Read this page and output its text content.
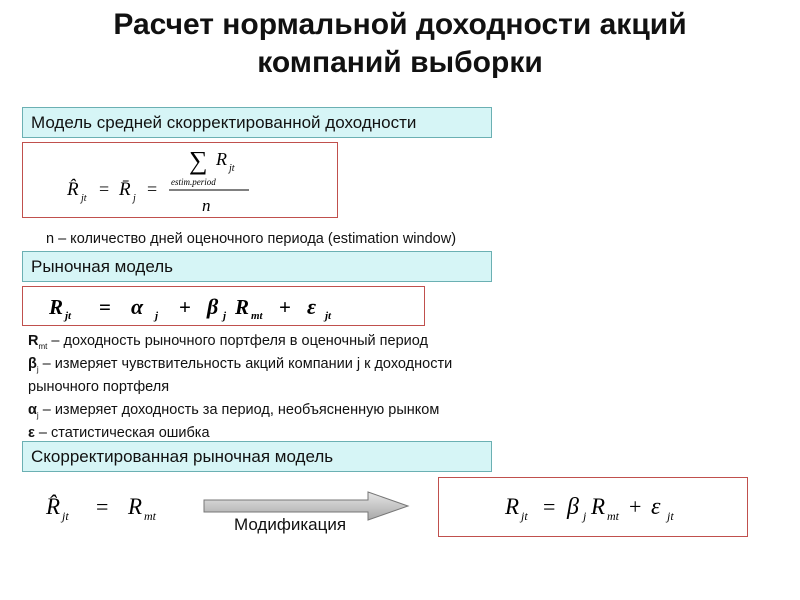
Расчет нормальной доходности акций
компаний выборки
Модель средней скорректированной доходности
R̂ jt = R̄ j =
∑ R jt
estim.period
n
n – количество дней оценочного периода (estimation window)
Рыночная модель
R jt = α j + β j R mt + ε jt
$R_{mt}$ – доходность рыночного портфеля в оценочный период
$\beta_j$ – измеряет чувствительность акций компании j к доходности
рыночного портфеля
$\alpha_j$ – измеряет доходность за период, необъясненную рынком
ε – статистическая ошибка
Скорректированная рыночная модель
R̂ jt = R mt	Модификация
R jt = β j R mt + ε jt
